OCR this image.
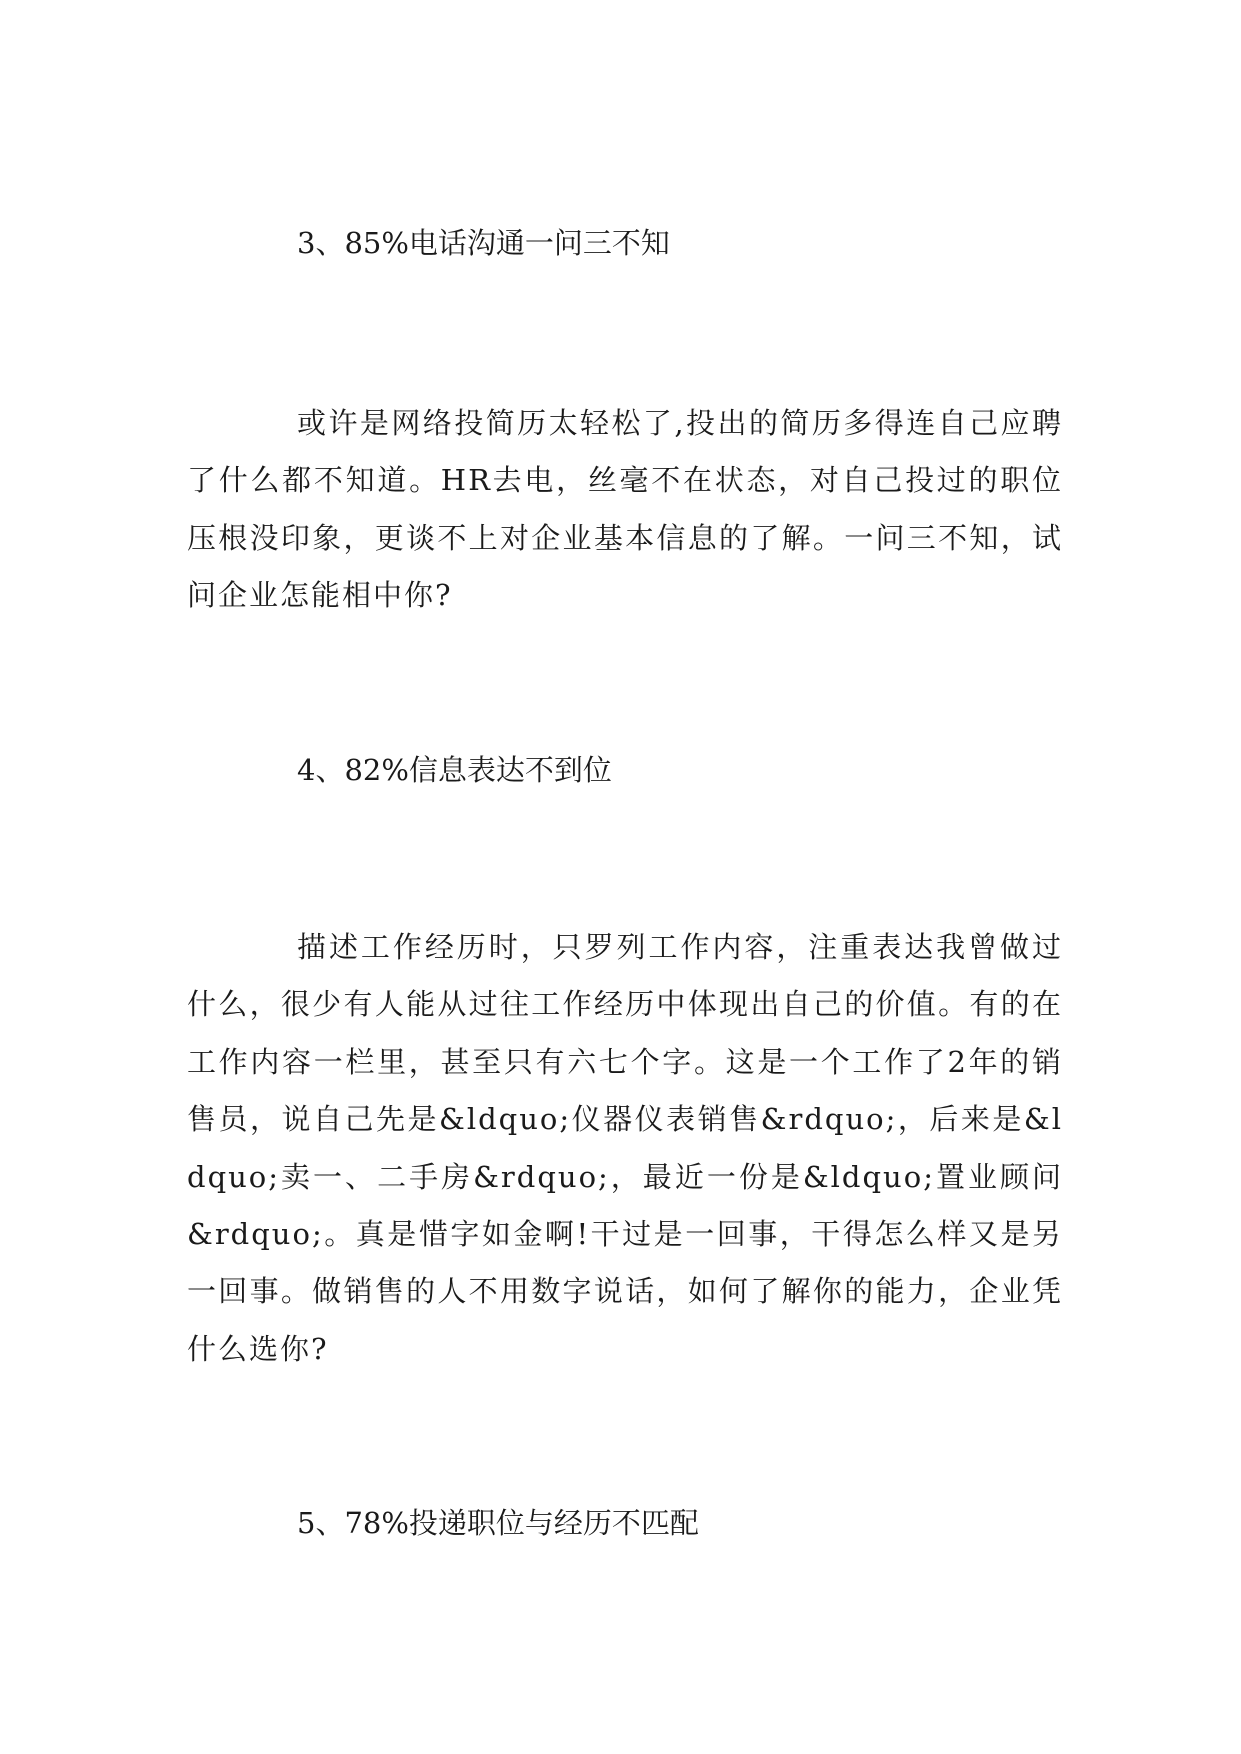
3、85%电话沟通一问三不知

或许是网络投简历太轻松了,投出的简历多得连自己应聘了什么都不知道。HR去电，丝毫不在状态，对自己投过的职位压根没印象，更谈不上对企业基本信息的了解。一问三不知，试问企业怎能相中你?

4、82%信息表达不到位

描述工作经历时，只罗列工作内容，注重表达我曾做过什么，很少有人能从过往工作经历中体现出自己的价值。有的在工作内容一栏里，甚至只有六七个字。这是一个工作了2年的销售员，说自己先是&ldquo;仪器仪表销售&rdquo;，后来是&ldquo;卖一、二手房&rdquo;，最近一份是&ldquo;置业顾问&rdquo;。真是惜字如金啊!干过是一回事，干得怎么样又是另一回事。做销售的人不用数字说话，如何了解你的能力，企业凭什么选你?

5、78%投递职位与经历不匹配
